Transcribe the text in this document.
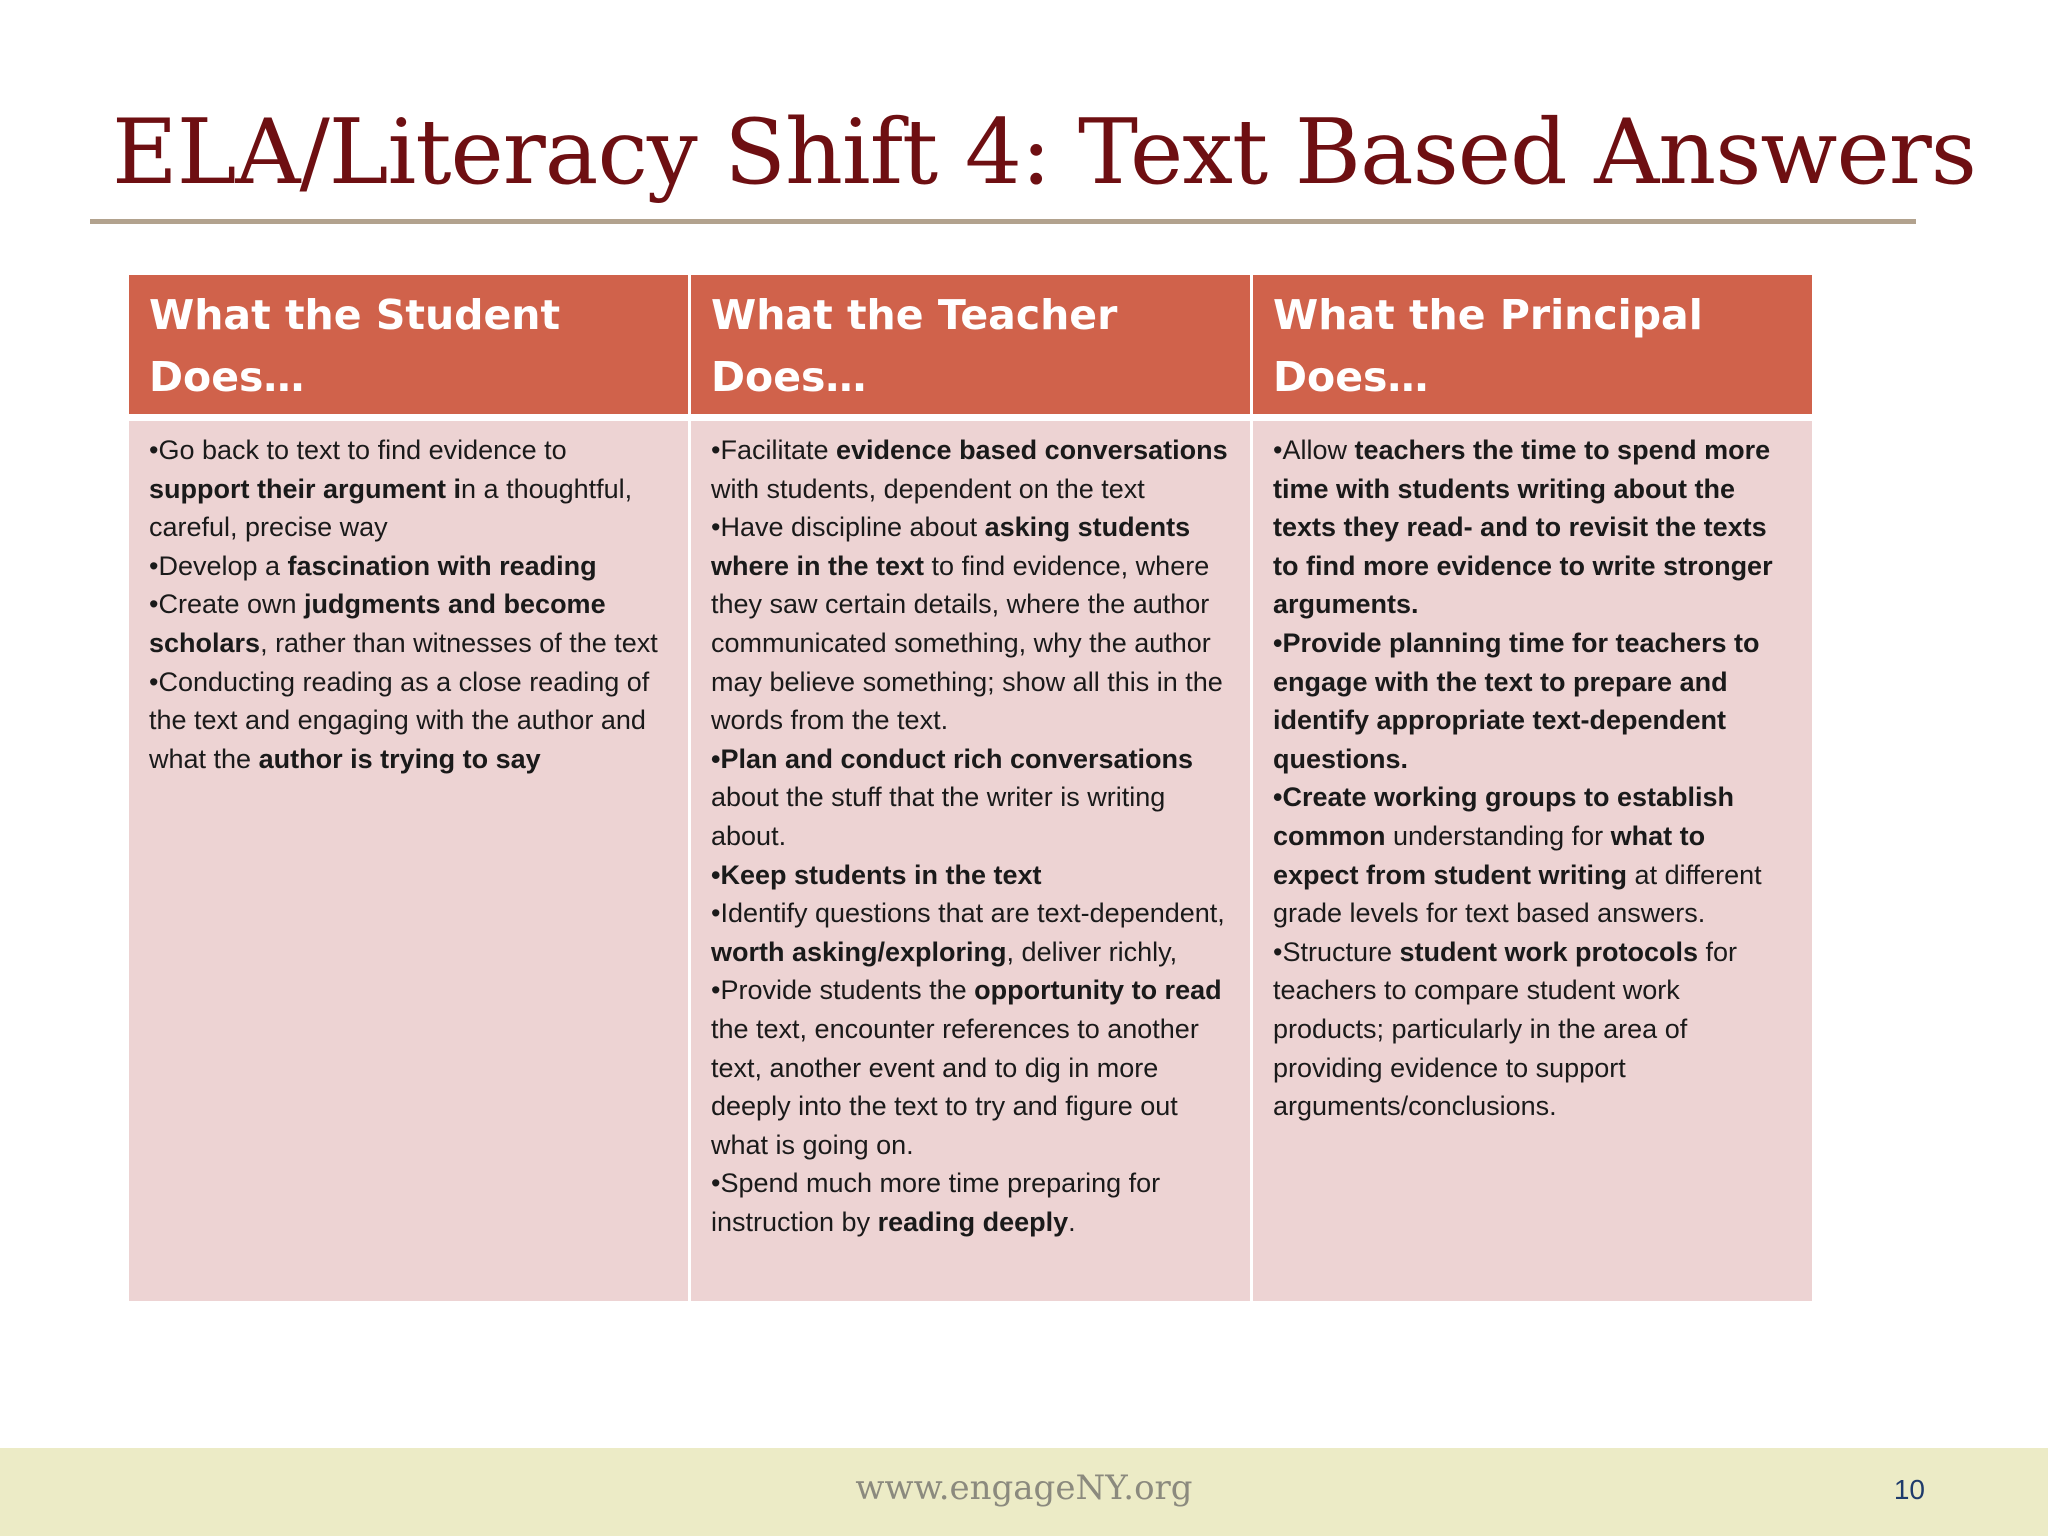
ELA/Literacy Shift 4: Text Based Answers
What the Student Does…
What the Teacher Does…
What the Principal Does…

•Go back to text to find evidence to support their argument in a thoughtful, careful, precise way

•Develop a fascination with reading

•Create own judgments and become scholars, rather than witnesses of the text

•Conducting reading as a close reading of the text and engaging with the author and what the author is trying to say

•Facilitate evidence based conversations with students, dependent on the text

•Have discipline about asking students where in the text to find evidence, where they saw certain details, where the author communicated something, why the author may believe something; show all this in the words from the text.

•Plan and conduct rich conversations about the stuff that the writer is writing about.

•Keep students in the text

•Identify questions that are text-dependent, worth asking/exploring, deliver richly,

•Provide students the opportunity to read the text, encounter references to another text, another event and to dig in more deeply into the text to try and figure out what is going on.

•Spend much more time preparing for instruction by reading deeply.

•Allow teachers the time to spend more time with students writing about the texts they read- and to revisit the texts to find more evidence to write stronger arguments.

•Provide planning time for teachers to engage with the text to prepare and identify appropriate text-dependent questions.

•Create working groups to establish common understanding for what to expect from student writing at different grade levels for text based answers.

•Structure student work protocols for teachers to compare student work products; particularly in the area of providing evidence to support arguments/conclusions.

www.engageNY.org	10
